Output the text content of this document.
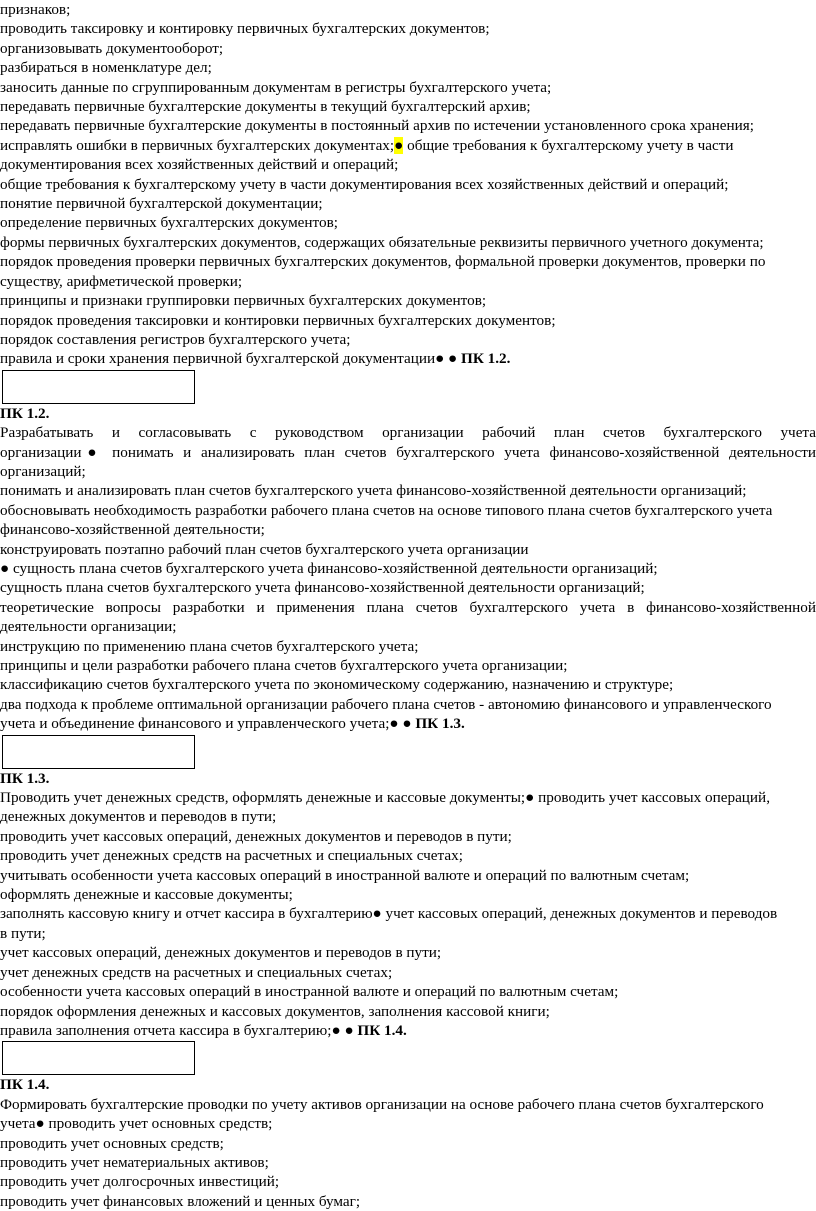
признаков;
проводить таксировку и контировку первичных бухгалтерских документов;
организовывать документооборот;
разбираться в номенклатуре дел;
заносить данные по сгруппированным документам в регистры бухгалтерского учета;
передавать первичные бухгалтерские документы в текущий бухгалтерский архив;
передавать первичные бухгалтерские документы в постоянный архив по истечении установленного срока хранения;
исправлять ошибки в первичных бухгалтерских документах;● общие требования к бухгалтерскому учету в части
документирования всех хозяйственных действий и операций;
общие требования к бухгалтерскому учету в части документирования всех хозяйственных действий и операций;
понятие первичной бухгалтерской документации;
определение первичных бухгалтерских документов;
формы первичных бухгалтерских документов, содержащих обязательные реквизиты первичного учетного документа;
порядок проведения проверки первичных бухгалтерских документов, формальной проверки документов, проверки по
существу, арифметической проверки;
принципы и признаки группировки первичных бухгалтерских документов;
порядок проведения таксировки и контировки первичных бухгалтерских документов;
порядок составления регистров бухгалтерского учета;
правила и сроки хранения первичной бухгалтерской документации● ● ПК 1.2.
ПК 1.2.
Разрабатывать и согласовывать с руководством организации рабочий план счетов бухгалтерского учета
организации● понимать и анализировать план счетов бухгалтерского учета финансово-хозяйственной деятельности
организаций;
понимать и анализировать план счетов бухгалтерского учета финансово-хозяйственной деятельности организаций;
обосновывать необходимость разработки рабочего плана счетов на основе типового плана счетов бухгалтерского учета
финансово-хозяйственной деятельности;
конструировать поэтапно рабочий план счетов бухгалтерского учета организации
● сущность плана счетов бухгалтерского учета финансово-хозяйственной деятельности организаций;
сущность плана счетов бухгалтерского учета финансово-хозяйственной деятельности организаций;
теоретические вопросы разработки и применения плана счетов бухгалтерского учета в финансово-хозяйственной
деятельности организации;
инструкцию по применению плана счетов бухгалтерского учета;
принципы и цели разработки рабочего плана счетов бухгалтерского учета организации;
классификацию счетов бухгалтерского учета по экономическому содержанию, назначению и структуре;
два подхода к проблеме оптимальной организации рабочего плана счетов - автономию финансового и управленческого
учета и объединение финансового и управленческого учета;● ● ПК 1.3.
ПК 1.3.
Проводить учет денежных средств, оформлять денежные и кассовые документы;● проводить учет кассовых операций,
денежных документов и переводов в пути;
проводить учет кассовых операций, денежных документов и переводов в пути;
проводить учет денежных средств на расчетных и специальных счетах;
учитывать особенности учета кассовых операций в иностранной валюте и операций по валютным счетам;
оформлять денежные и кассовые документы;
заполнять кассовую книгу и отчет кассира в бухгалтерию● учет кассовых операций, денежных документов и переводов
в пути;
учет кассовых операций, денежных документов и переводов в пути;
учет денежных средств на расчетных и специальных счетах;
особенности учета кассовых операций в иностранной валюте и операций по валютным счетам;
порядок оформления денежных и кассовых документов, заполнения кассовой книги;
правила заполнения отчета кассира в бухгалтерию;● ● ПК 1.4.
ПК 1.4.
Формировать бухгалтерские проводки по учету активов организации на основе рабочего плана счетов бухгалтерского
учета● проводить учет основных средств;
проводить учет основных средств;
проводить учет нематериальных активов;
проводить учет долгосрочных инвестиций;
проводить учет финансовых вложений и ценных бумаг;
